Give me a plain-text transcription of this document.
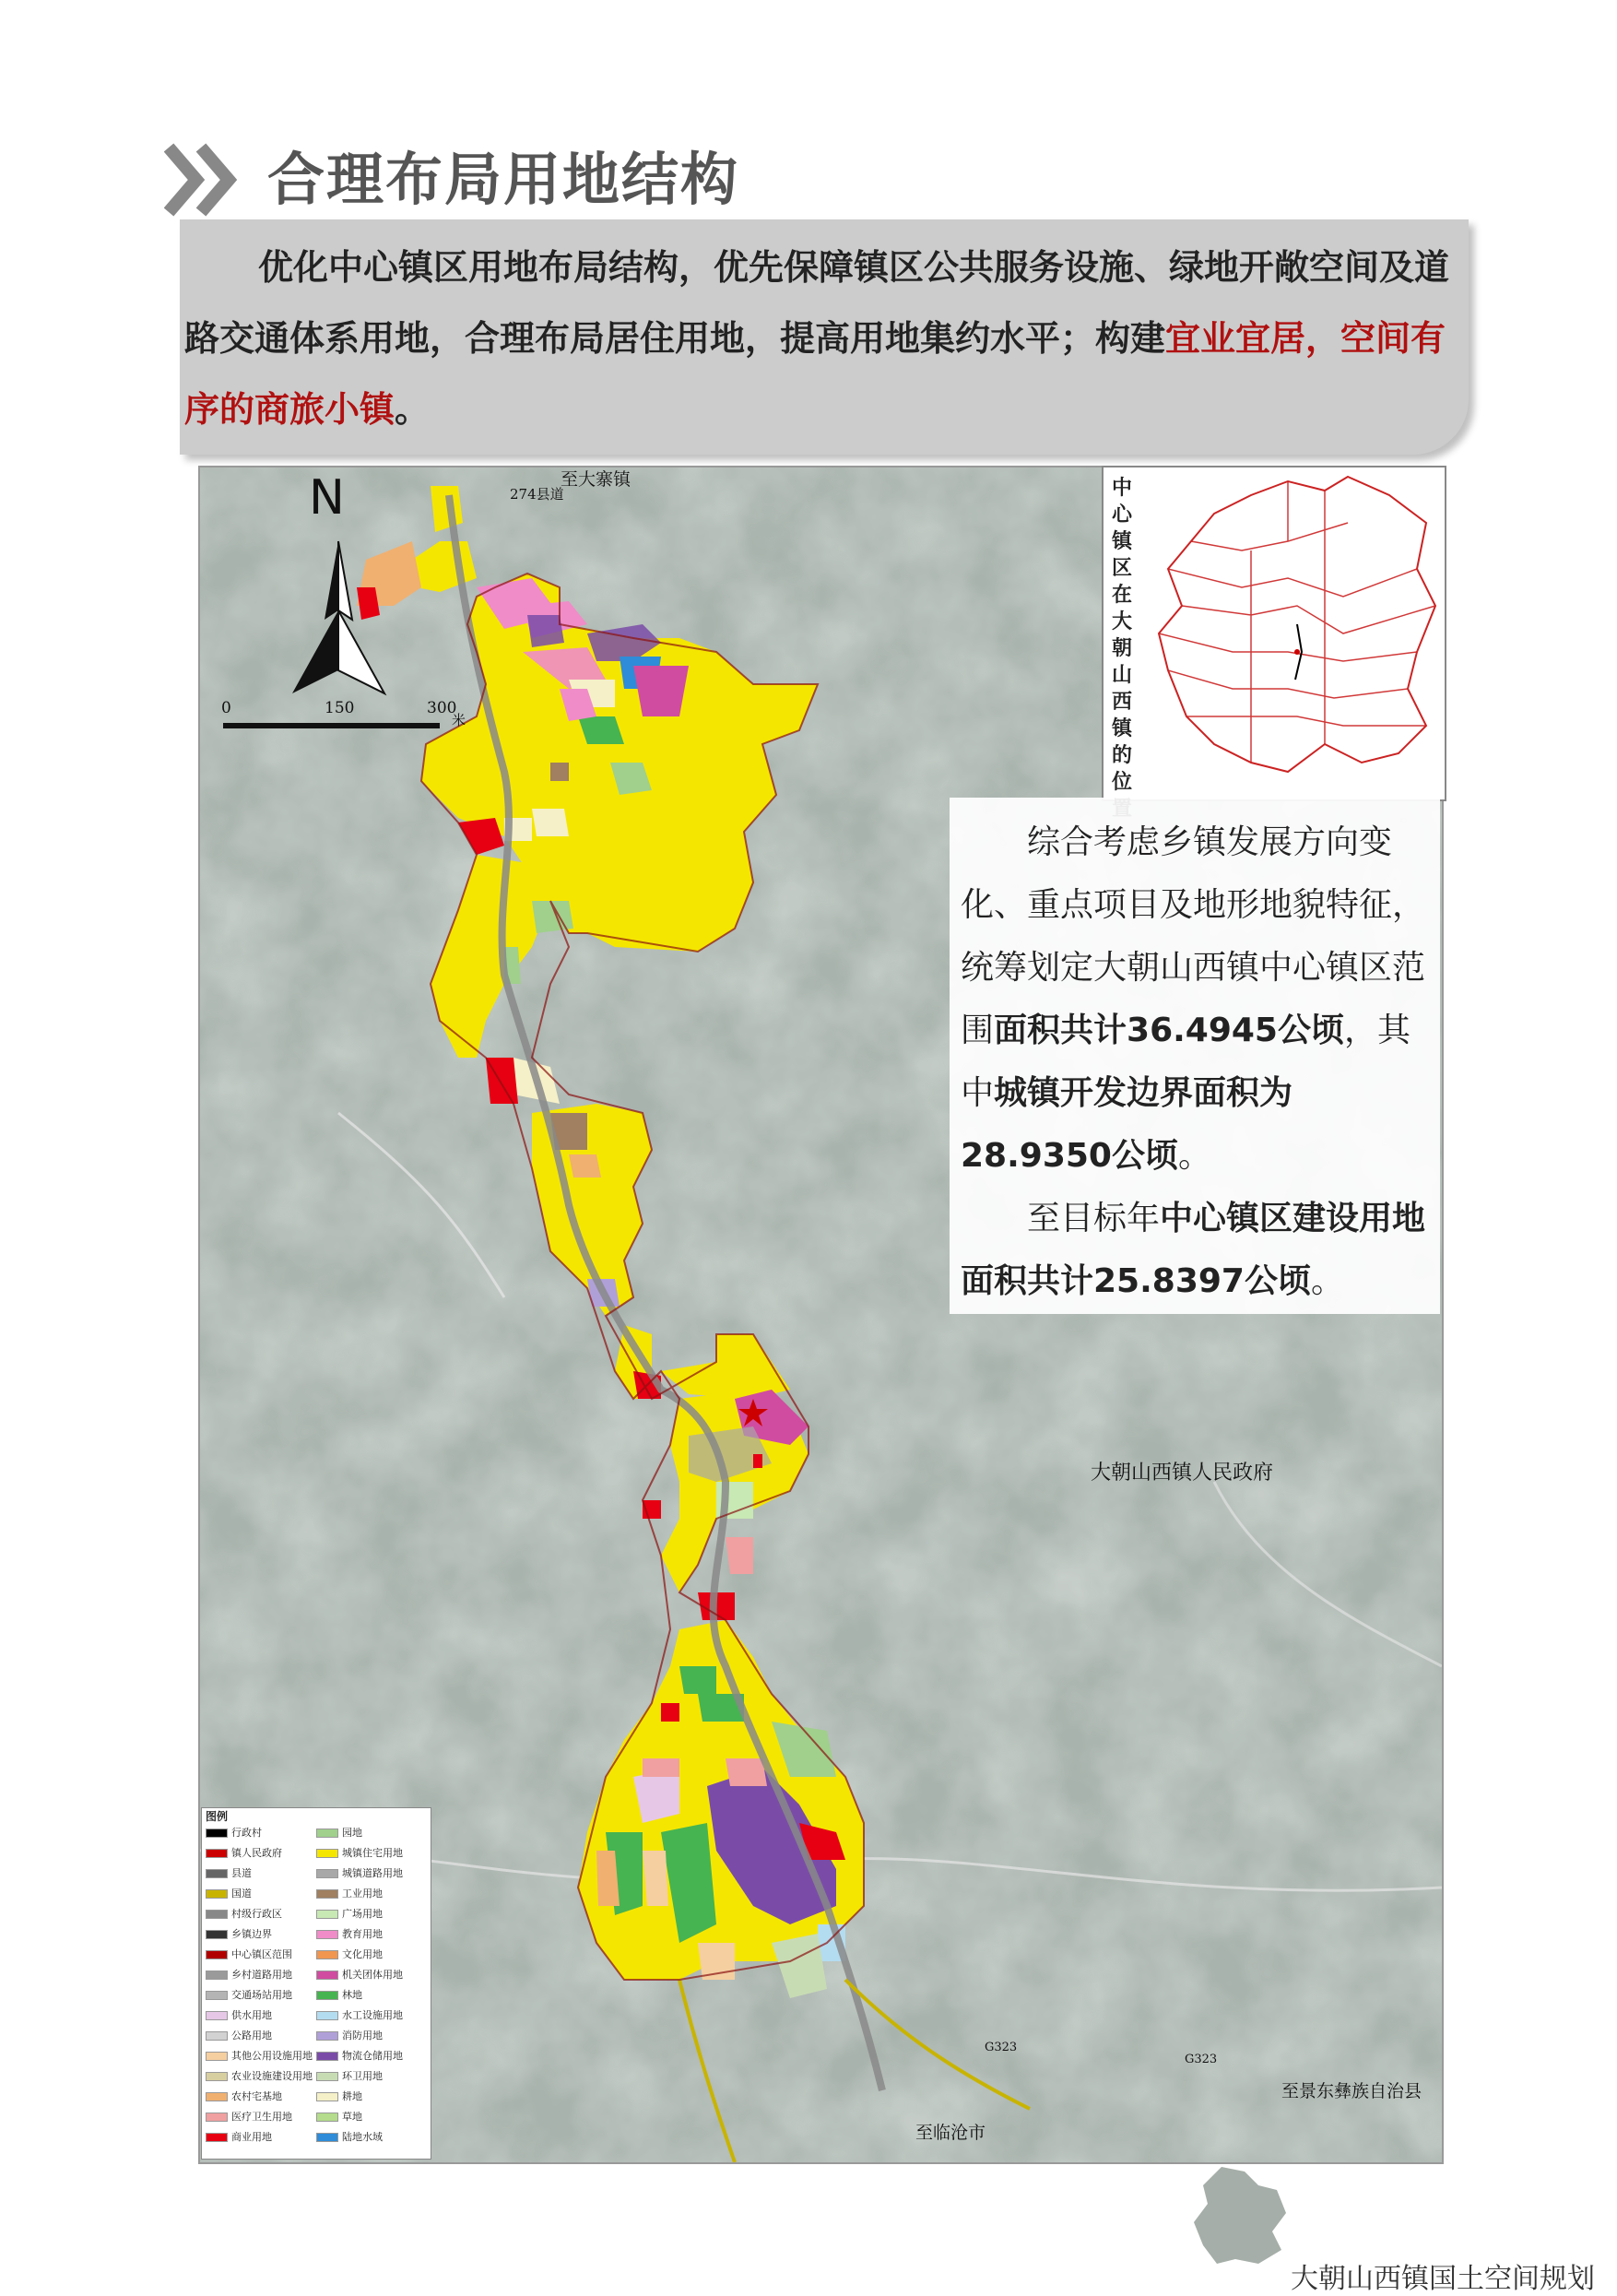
合理布局用地结构
优化中心镇区用地布局结构，优先保障镇区公共服务设施、绿地开敞空间及道路交通体系用地，合理布局居住用地，提高用地集约水平；构建宜业宜居，空间有序的商旅小镇。
N
0	150	300
米
至大寨镇
274县道
大朝山西镇人民政府
至景东彝族自治县
至临沧市
G323
G323
中心镇区在大朝山西镇的位
综合考虑乡镇发展方向变化、重点项目及地形地貌特征，统筹划定大朝山西镇中心镇区范围面积共计36.4945公顷，其中城镇开发边界面积为28.9350公顷。
至目标年中心镇区建设用地面积共计25.8397公顷。
图例
行政村
镇人民政府
县道
国道
村级行政区
乡镇边界
中心镇区范围
乡村道路用地
交通场站用地
供水用地
公路用地
其他公用设施用地
农业设施建设用地
农村宅基地
医疗卫生用地
商业用地
园地
城镇住宅用地
城镇道路用地
工业用地
广场用地
教育用地
文化用地
机关团体用地
林地
水工设施用地
消防用地
物流仓储用地
环卫用地
耕地
草地
陆地水域
大朝山西镇国土空间规划
